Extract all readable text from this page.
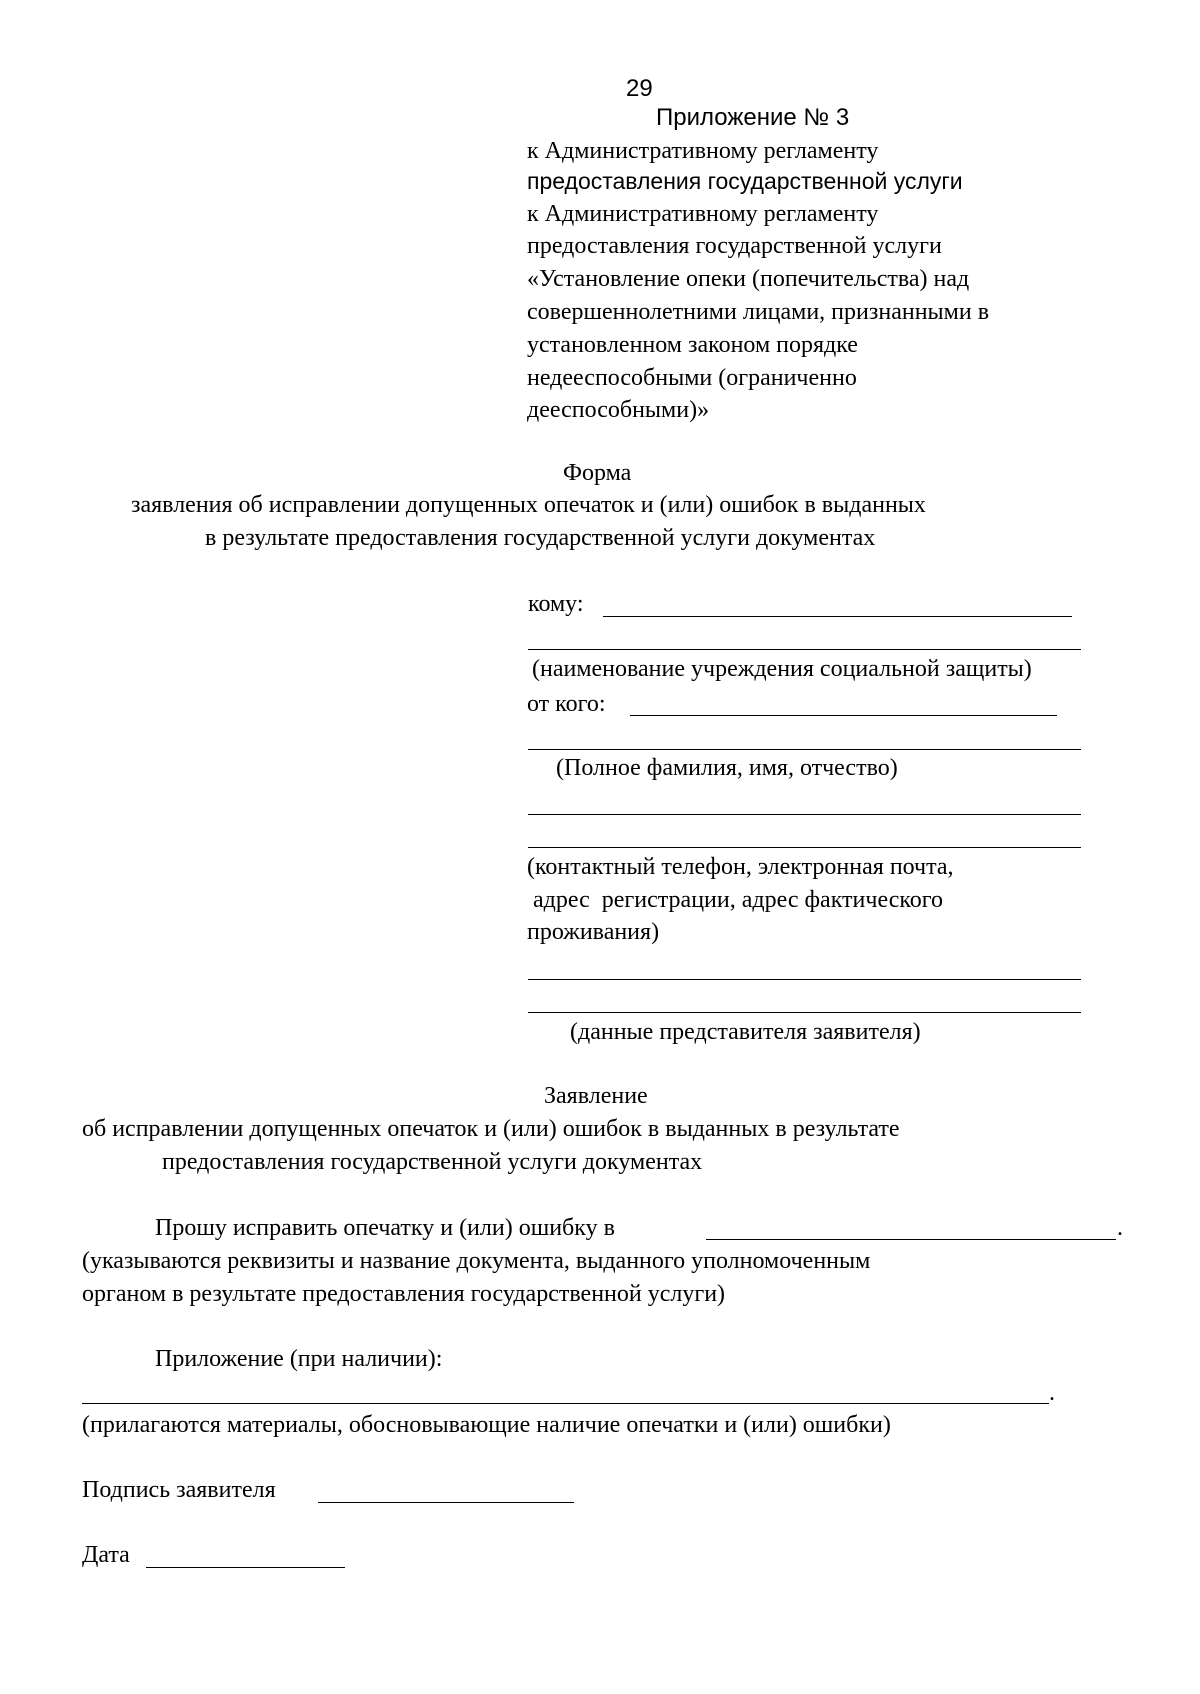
29
Приложение № 3
к Административному регламенту
предоставления государственной услуги
к Административному регламенту
предоставления государственной услуги
«Установление опеки (попечительства) над
совершеннолетними лицами, признанными в
установленном законом порядке
недееспособными (ограниченно
дееспособными)»
Форма
заявления об исправлении допущенных опечаток и (или) ошибок в выданных
в результате предоставления государственной услуги документах
кому:
(наименование учреждения социальной защиты)
от кого:
(Полное фамилия, имя, отчество)
(контактный телефон, электронная почта,
адрес  регистрации, адрес фактического
проживания)
(данные представителя заявителя)
Заявление
об исправлении допущенных опечаток и (или) ошибок в выданных в результате
предоставления государственной услуги документах
Прошу исправить опечатку и (или) ошибку в	.
(указываются реквизиты и название документа, выданного уполномоченным
органом в результате предоставления государственной услуги)
Приложение (при наличии):
.
(прилагаются материалы, обосновывающие наличие опечатки и (или) ошибки)
Подпись заявителя
Дата
